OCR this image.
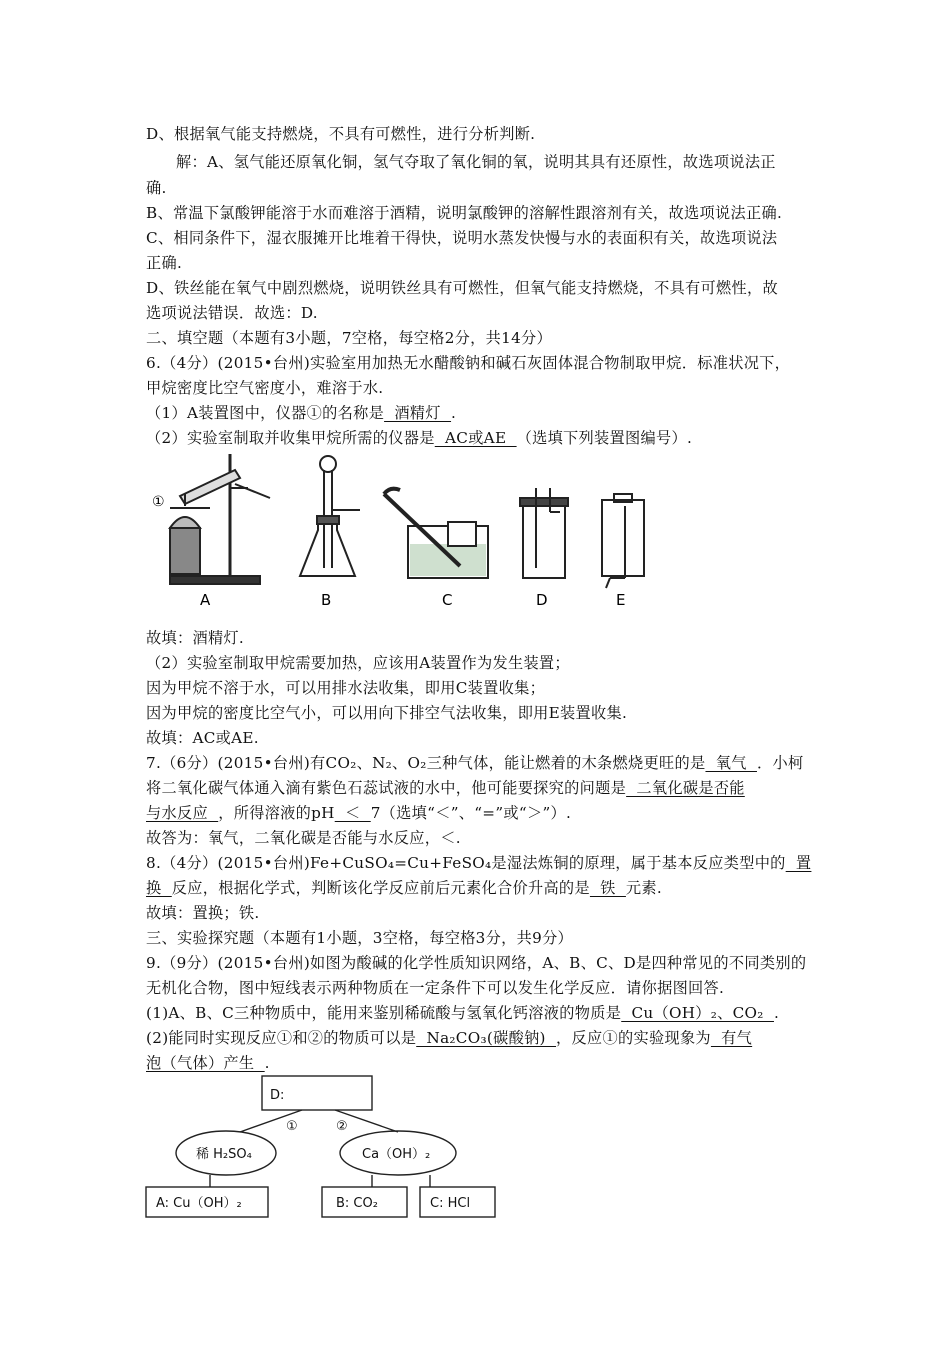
D、根据氧气能支持燃烧，不具有可燃性，进行分析判断.
解：A、氢气能还原氧化铜，氢气夺取了氧化铜的氧，说明其具有还原性，故选项说法正
确.
B、常温下氯酸钾能溶于水而难溶于酒精，说明氯酸钾的溶解性跟溶剂有关，故选项说法正确.
C、相同条件下，湿衣服摊开比堆着干得快，说明水蒸发快慢与水的表面积有关，故选项说法
正确.
D、铁丝能在氧气中剧烈燃烧，说明铁丝具有可燃性，但氧气能支持燃烧，不具有可燃性，故
选项说法错误．故选：D.
二、填空题（本题有3小题，7空格，每空格2分，共14分）
6.（4分）(2015•台州)实验室用加热无水醋酸钠和碱石灰固体混合物制取甲烷．标准状况下，
甲烷密度比空气密度小，难溶于水.
（1）A装置图中，仪器①的名称是  酒精灯  .
（2）实验室制取并收集甲烷所需的仪器是  AC或AE  （选填下列装置图编号）.
故填：酒精灯.
（2）实验室制取甲烷需要加热，应该用A装置作为发生装置；
因为甲烷不溶于水，可以用排水法收集，即用C装置收集；
因为甲烷的密度比空气小，可以用向下排空气法收集，即用E装置收集.
故填：AC或AE.
7.（6分）(2015•台州)有CO₂、N₂、O₂三种气体，能让燃着的木条燃烧更旺的是  氧气  ．小柯
将二氧化碳气体通入滴有紫色石蕊试液的水中，他可能要探究的问题是  二氧化碳是否能
与水反应  ，所得溶液的pH  ＜  7（选填“＜”、“=”或“＞”）.
故答为：氧气，二氧化碳是否能与水反应，＜.
8.（4分）(2015•台州)Fe+CuSO₄=Cu+FeSO₄是湿法炼铜的原理，属于基本反应类型中的  置
换  反应，根据化学式，判断该化学反应前后元素化合价升高的是  铁  元素.
故填：置换；铁.
三、实验探究题（本题有1小题，3空格，每空格3分，共9分）
9.（9分）(2015•台州)如图为酸碱的化学性质知识网络，A、B、C、D是四种常见的不同类别的
无机化合物，图中短线表示两种物质在一定条件下可以发生化学反应．请你据图回答.
(1)A、B、C三种物质中，能用来鉴别稀硫酸与氢氧化钙溶液的物质是  Cu（OH）₂、CO₂  .
(2)能同时实现反应①和②的物质可以是  Na₂CO₃(碳酸钠)  ，反应①的实验现象为  有气
泡（气体）产生  .
①
A	B	C	D	E
D:
①	②
稀 H₂SO₄	Ca（OH）₂
A: Cu（OH）₂	B: CO₂	C: HCl
